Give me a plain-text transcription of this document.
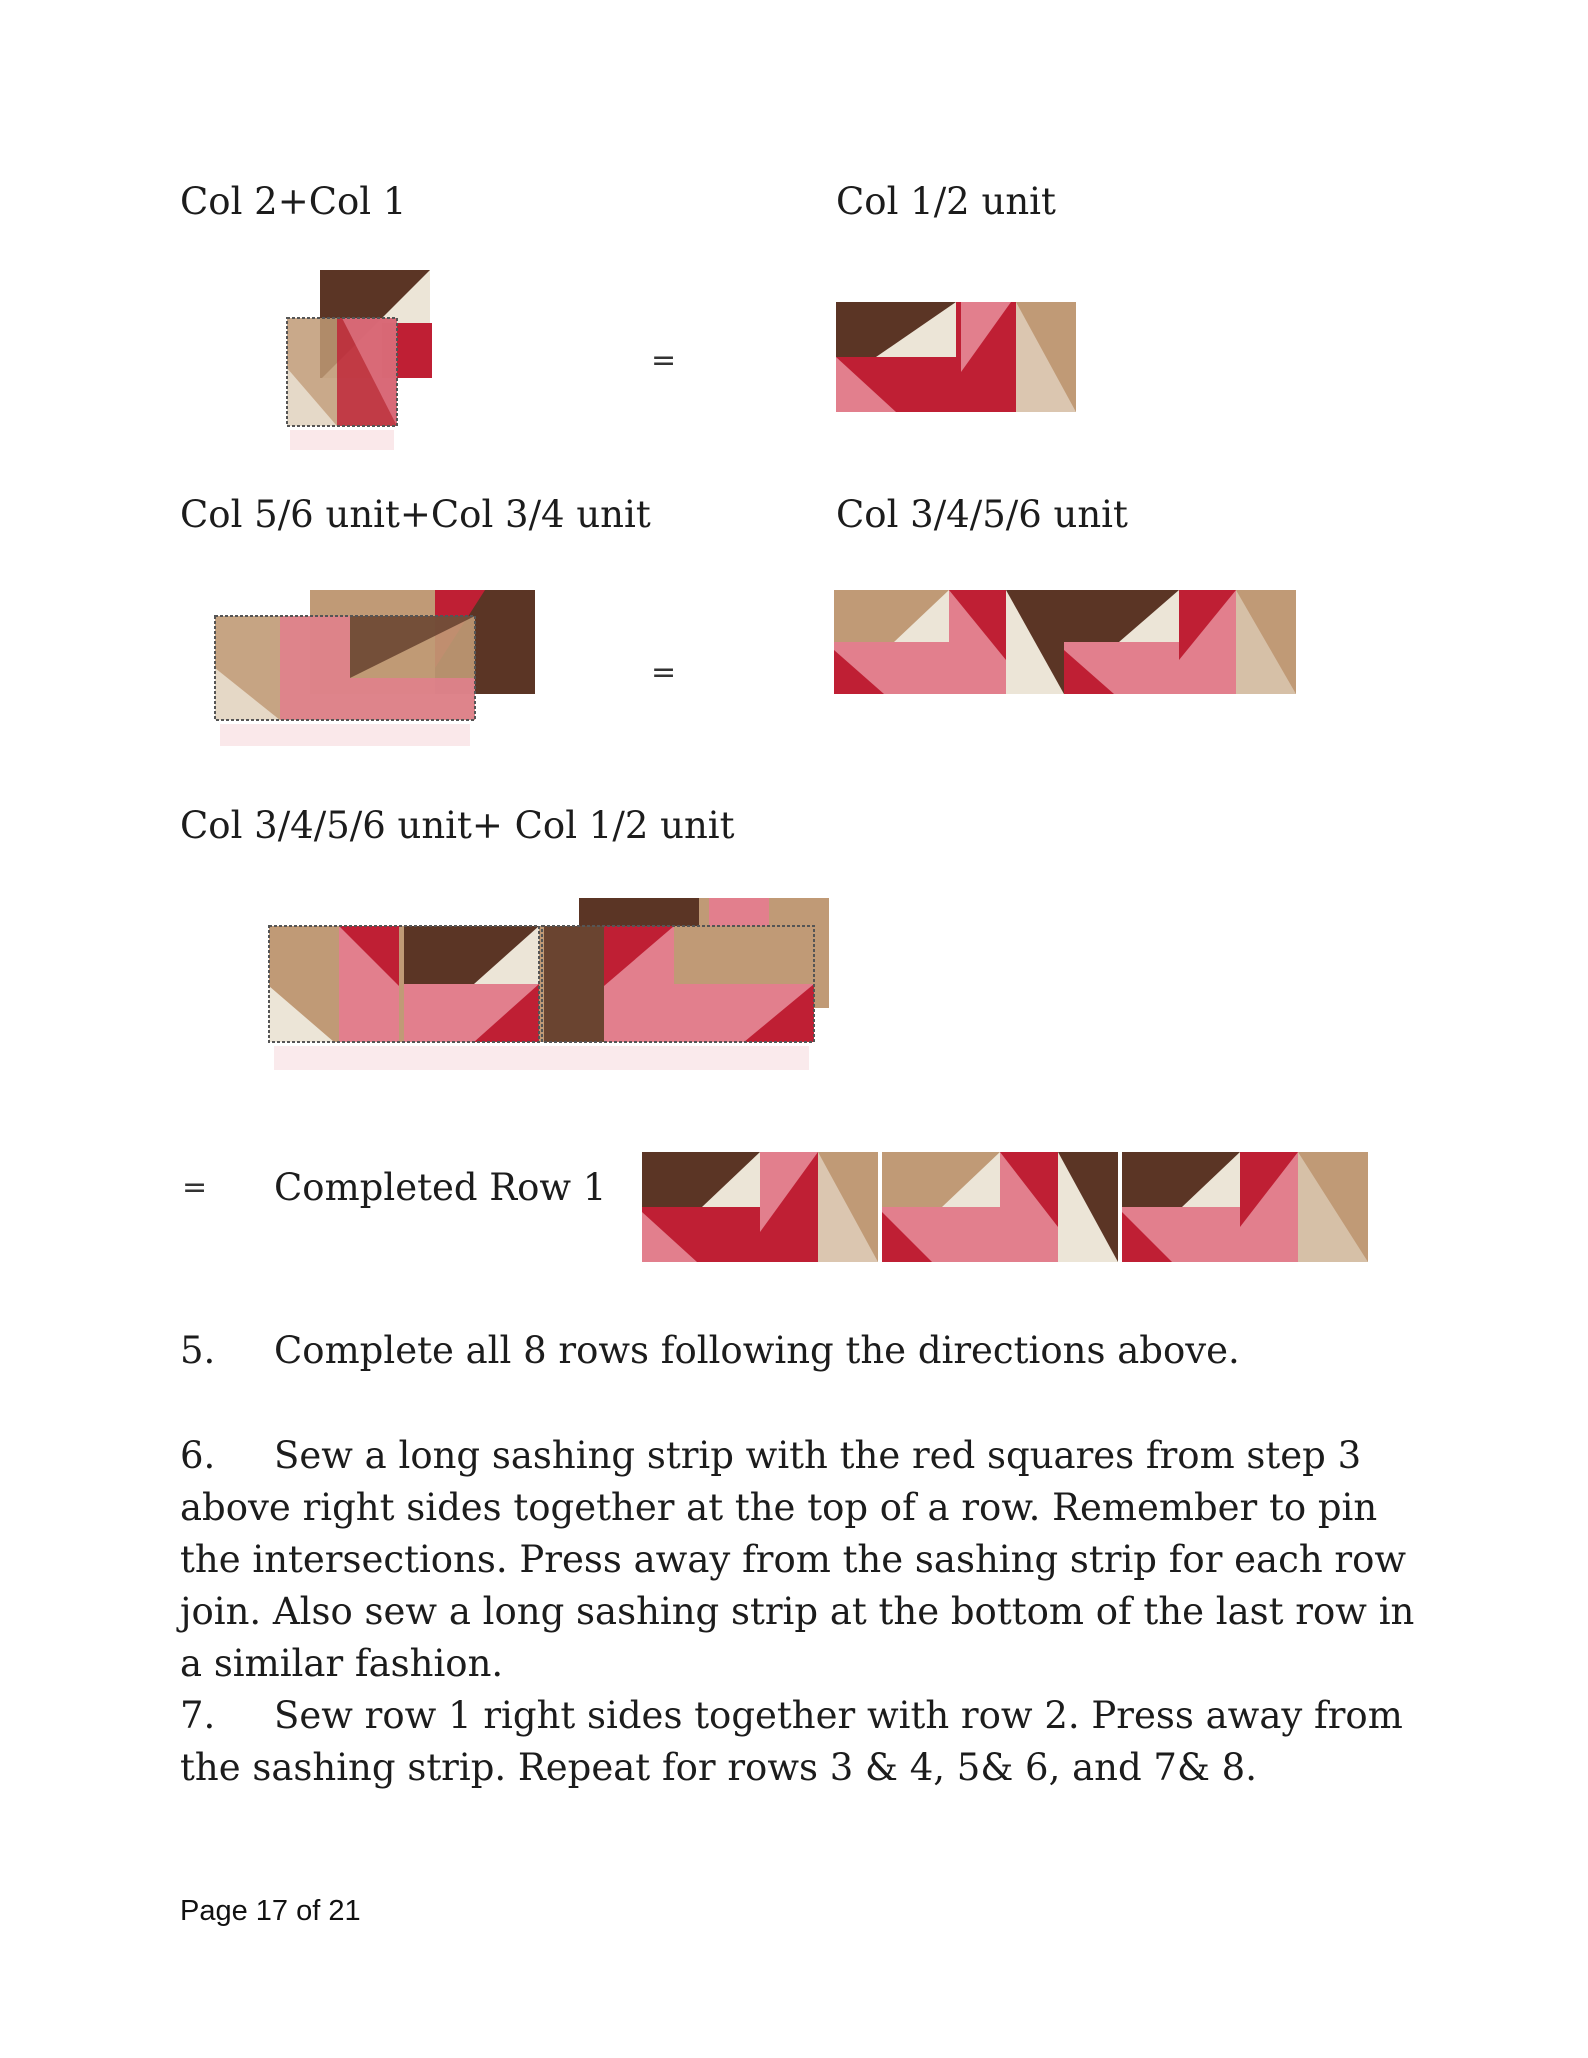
Col 2+Col 1	Col 1/2 unit
=
Col 5/6 unit+Col 3/4 unit	Col 3/4/5/6 unit
=
Col 3/4/5/6 unit+ Col 1/2 unit
= Completed Row 1
5. Complete all 8 rows following the directions above.
6. Sew a long sashing strip with the red squares from step 3 above right sides together at the top of a row. Remember to pin the intersections. Press away from the sashing strip for each row join. Also sew a long sashing strip at the bottom of the last row in a similar fashion.
7. Sew row 1 right sides together with row 2. Press away from the sashing strip. Repeat for rows 3 & 4, 5& 6, and 7& 8.
Page 17 of 21
